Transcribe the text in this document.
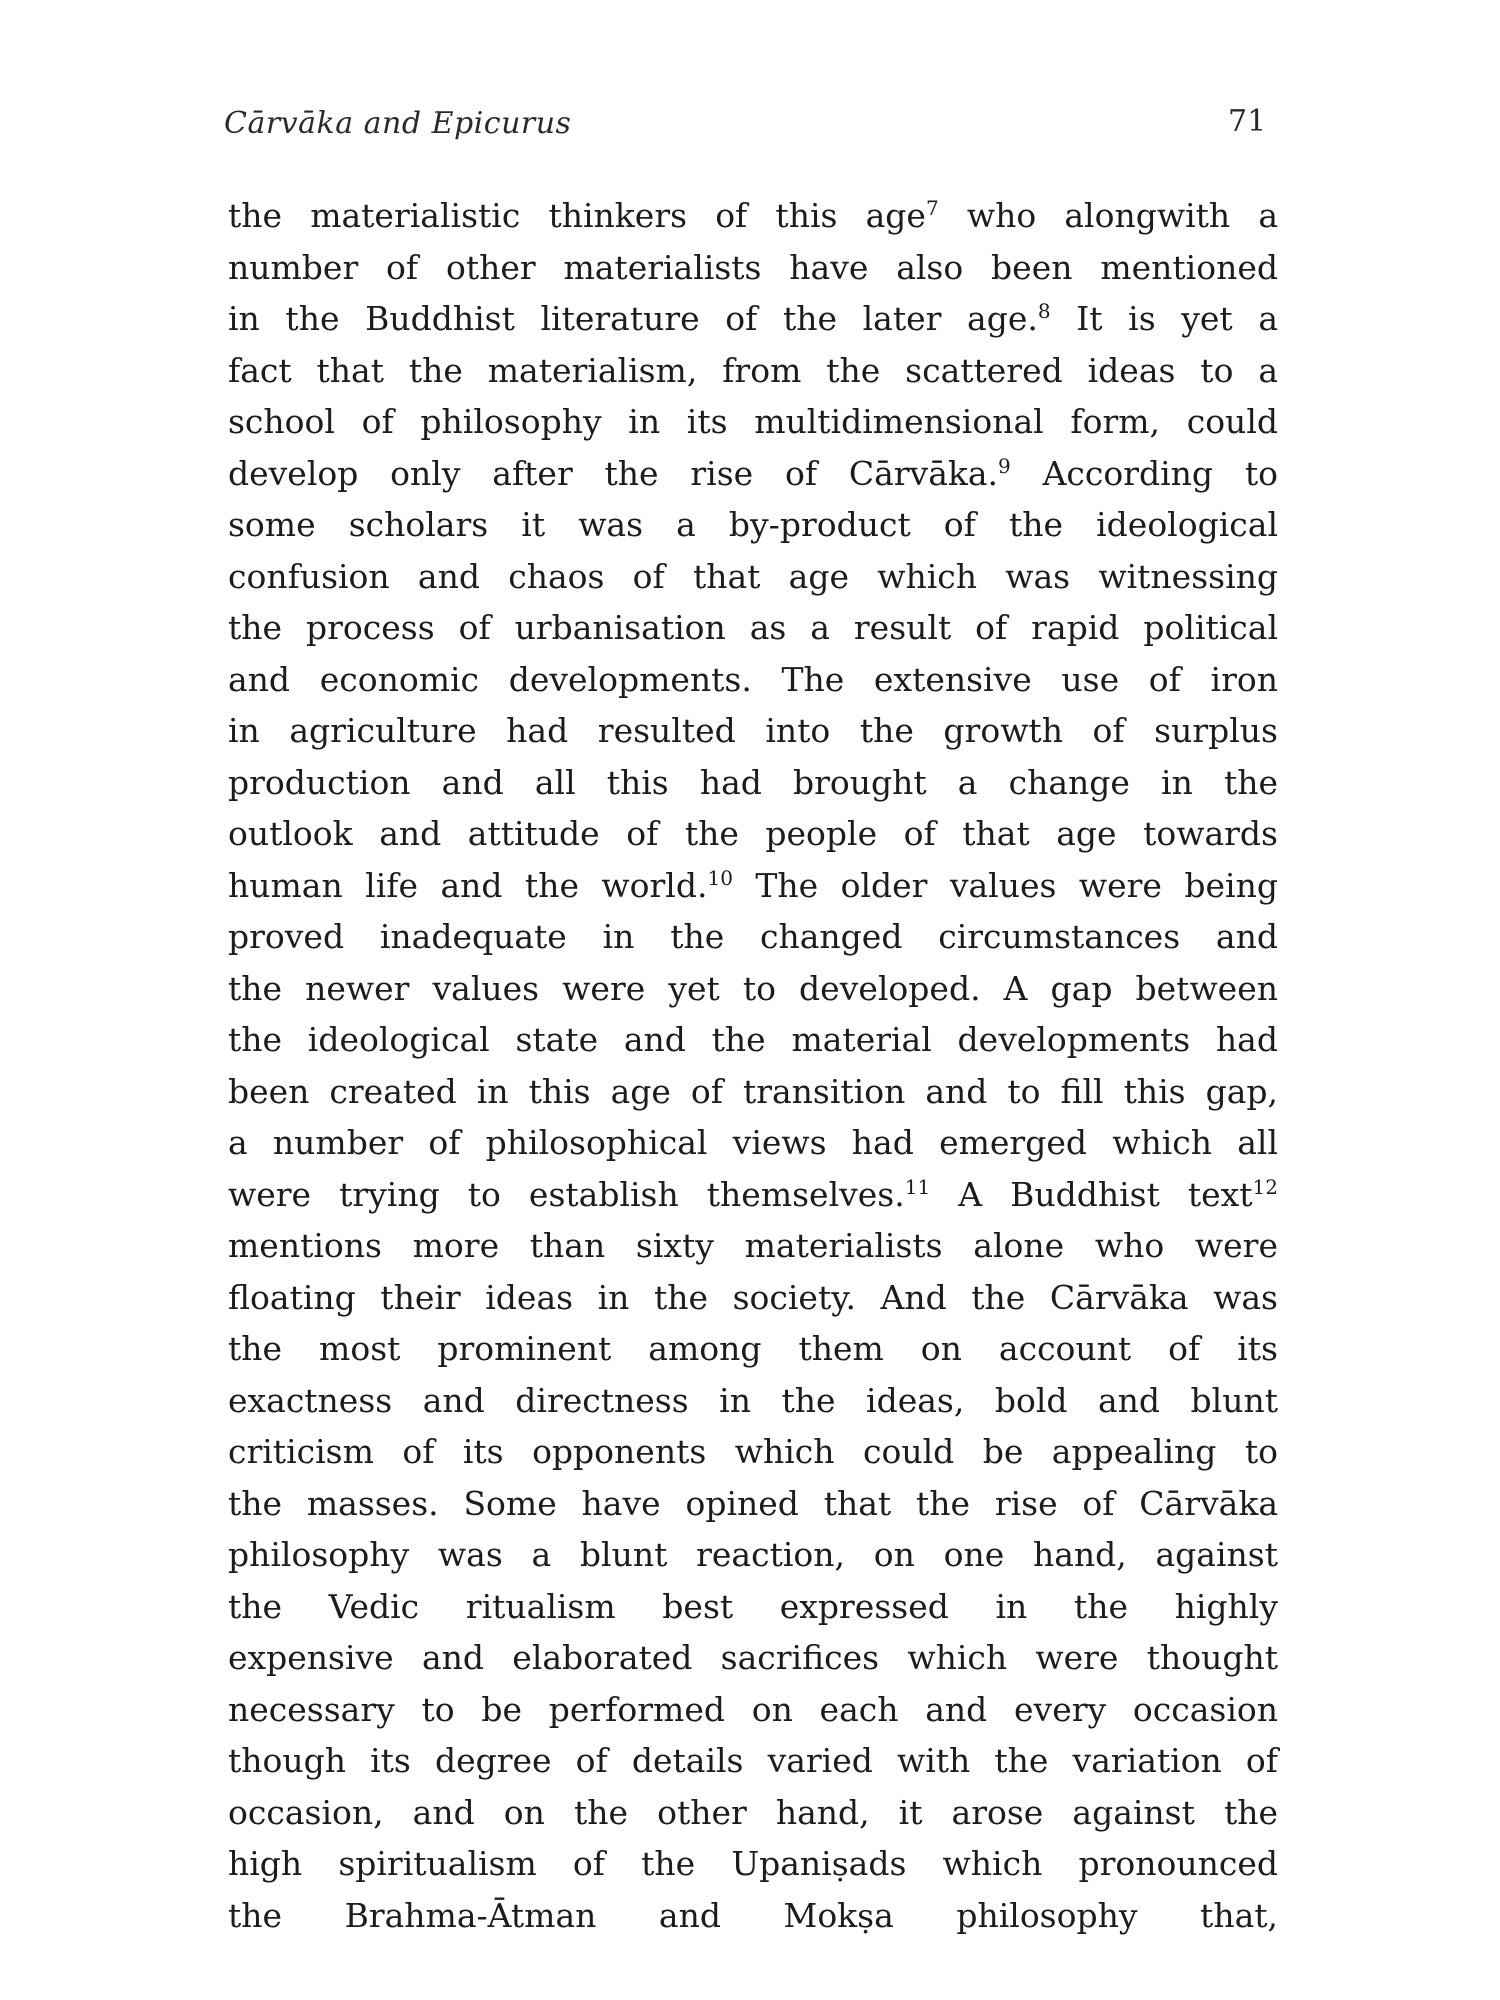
Cārvāka and Epicurus	71
the materialistic thinkers of this age$^7$ who alongwith a
number of other materialists have also been mentioned
in the Buddhist literature of the later age.$^8$ It is yet a
fact that the materialism, from the scattered ideas to a
school of philosophy in its multidimensional form, could
develop only after the rise of Cārvāka.$^9$ According to
some scholars it was a by-product of the ideological
confusion and chaos of that age which was witnessing
the process of urbanisation as a result of rapid political
and economic developments. The extensive use of iron
in agriculture had resulted into the growth of surplus
production and all this had brought a change in the
outlook and attitude of the people of that age towards
human life and the world.$^{10}$ The older values were being
proved inadequate in the changed circumstances and
the newer values were yet to developed. A gap between
the ideological state and the material developments had
been created in this age of transition and to fill this gap,
a number of philosophical views had emerged which all
were trying to establish themselves.$^{11}$ A Buddhist text$^{12}$
mentions more than sixty materialists alone who were
floating their ideas in the society. And the Cārvāka was
the most prominent among them on account of its
exactness and directness in the ideas, bold and blunt
criticism of its opponents which could be appealing to
the masses. Some have opined that the rise of Cārvāka
philosophy was a blunt reaction, on one hand, against
the Vedic ritualism best expressed in the highly
expensive and elaborated sacrifices which were thought
necessary to be performed on each and every occasion
though its degree of details varied with the variation of
occasion, and on the other hand, it arose against the
high spiritualism of the Upaniṣads which pronounced
the Brahma-Ātman and Mokṣa philosophy that,
